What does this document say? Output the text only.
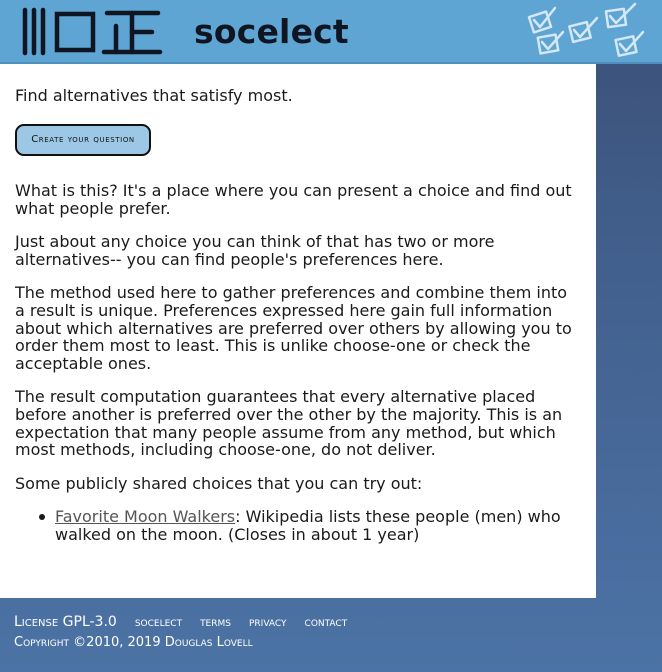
socelect

Find alternatives that satisfy most.

Create your question

What is this? It's a place where you can present a choice and find out what people prefer.

Just about any choice you can think of that has two or more alternatives-- you can find people's preferences here.

The method used here to gather preferences and combine them into a result is unique. Preferences expressed here gain full information about which alternatives are preferred over others by allowing you to order them most to least. This is unlike choose-one or check the acceptable ones.

The result computation guarantees that every alternative placed before another is preferred over the other by the majority. This is an expectation that many people assume from any method, but which most methods, including choose-one, do not deliver.

Some publicly shared choices that you can try out:

Favorite Moon Walkers: Wikipedia lists these people (men) who walked on the moon. (Closes in about 1 year)
License GPL-3.0 socelect terms privacy contact
Copyright ©2010, 2019 Douglas Lovell
